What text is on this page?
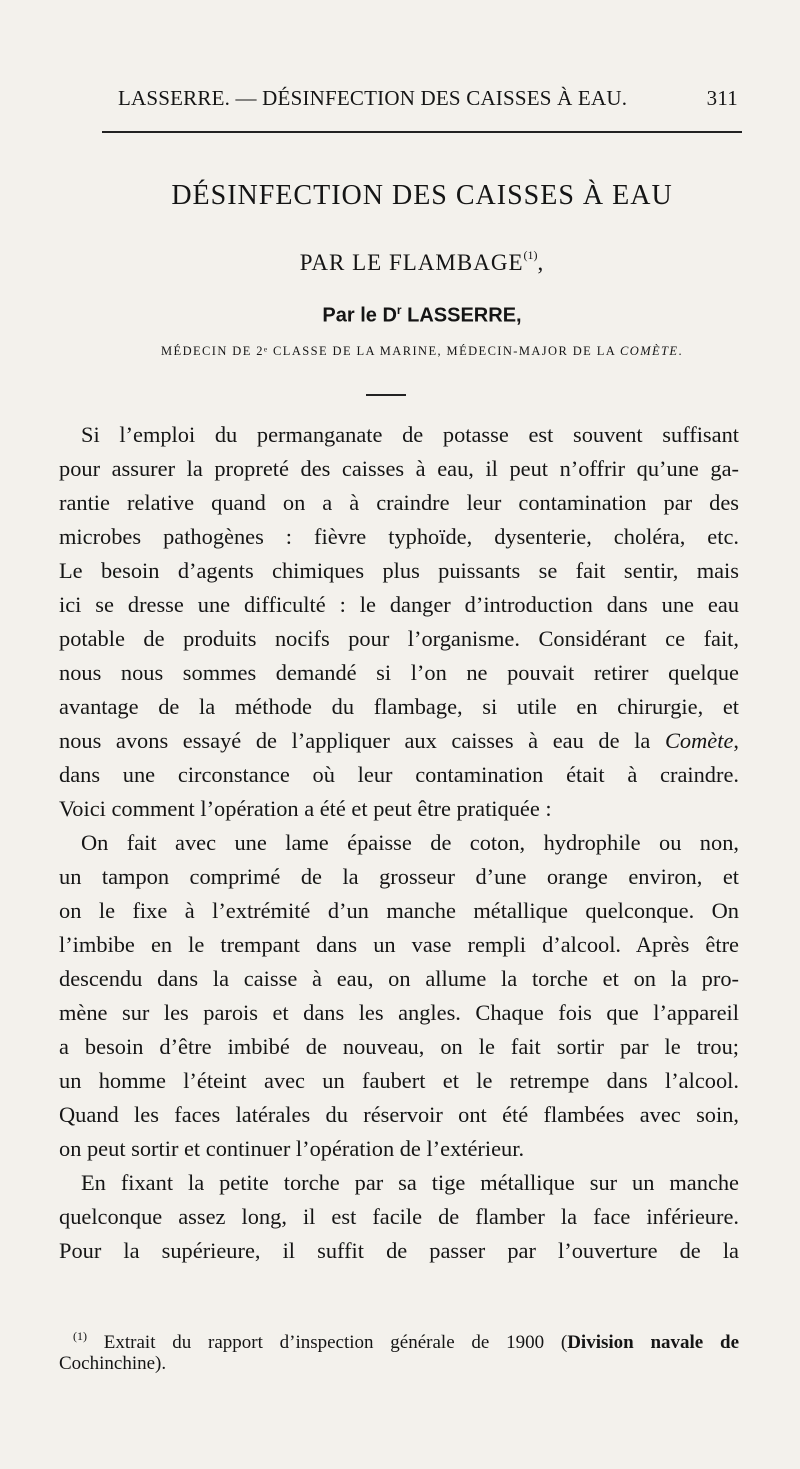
LASSERRE. — DÉSINFECTION DES CAISSES À EAU.	311
DÉSINFECTION DES CAISSES À EAU
PAR LE FLAMBAGE$^{(1)}$,
Par le $D^r$ LASSERRE,
MÉDECIN DE 2ᵉ CLASSE DE LA MARINE, MÉDECIN-MAJOR DE LA COMÈTE.
Si l’emploi du permanganate de potasse est souvent suffisant
pour assurer la propreté des caisses à eau, il peut n’offrir qu’une ga-
rantie relative quand on a à craindre leur contamination par des
microbes pathogènes : fièvre typhoïde, dysenterie, choléra, etc.
Le besoin d’agents chimiques plus puissants se fait sentir, mais
ici se dresse une difficulté : le danger d’introduction dans une eau
potable de produits nocifs pour l’organisme. Considérant ce fait,
nous nous sommes demandé si l’on ne pouvait retirer quelque
avantage de la méthode du flambage, si utile en chirurgie, et
nous avons essayé de l’appliquer aux caisses à eau de la Comète,
dans une circonstance où leur contamination était à craindre.
Voici comment l’opération a été et peut être pratiquée :
On fait avec une lame épaisse de coton, hydrophile ou non,
un tampon comprimé de la grosseur d’une orange environ, et
on le fixe à l’extrémité d’un manche métallique quelconque. On
l’imbibe en le trempant dans un vase rempli d’alcool. Après être
descendu dans la caisse à eau, on allume la torche et on la pro-
mène sur les parois et dans les angles. Chaque fois que l’appareil
a besoin d’être imbibé de nouveau, on le fait sortir par le trou;
un homme l’éteint avec un faubert et le retrempe dans l’alcool.
Quand les faces latérales du réservoir ont été flambées avec soin,
on peut sortir et continuer l’opération de l’extérieur.
En fixant la petite torche par sa tige métallique sur un manche
quelconque assez long, il est facile de flamber la face inférieure.
Pour la supérieure, il suffit de passer par l’ouverture de la
$^{(1)}$ Extrait du rapport d’inspection générale de 1900 (Division navale de
Cochinchine).
